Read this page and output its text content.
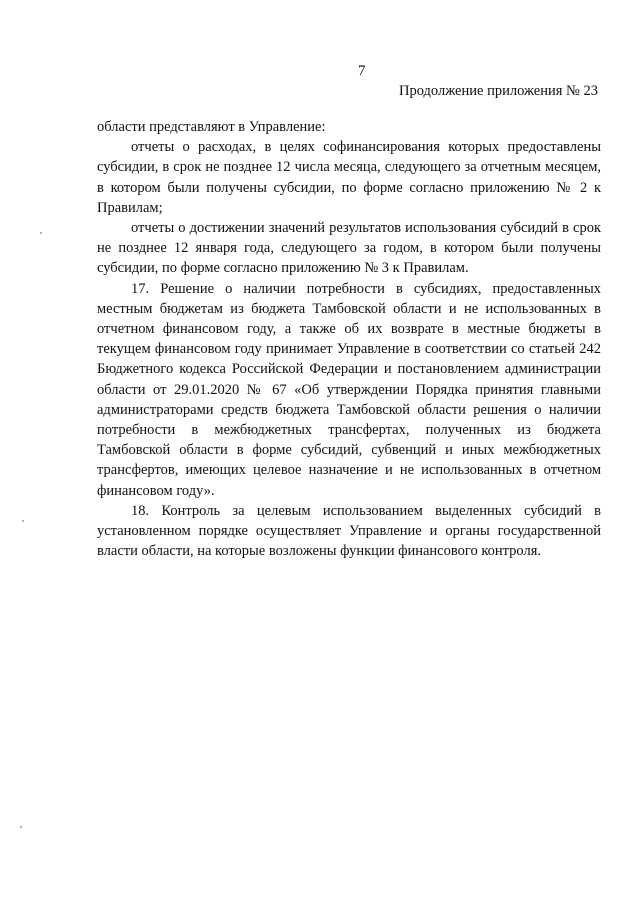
7
Продолжение приложения № 23

области представляют в Управление:

отчеты о расходах, в целях софинансирования которых предоставлены субсидии, в срок не позднее 12 числа месяца, следующего за отчетным месяцем, в котором были получены субсидии, по форме согласно приложению № 2 к Правилам;

отчеты о достижении значений результатов использования субсидий в срок не позднее 12 января года, следующего за годом, в котором были получены субсидии, по форме согласно приложению № 3 к Правилам.

17. Решение о наличии потребности в субсидиях, предоставленных местным бюджетам из бюджета Тамбовской области и не использованных в отчетном финансовом году, а также об их возврате в местные бюджеты в текущем финансовом году принимает Управление в соответствии со статьей 242 Бюджетного кодекса Российской Федерации и постановлением администрации области от 29.01.2020 № 67 «Об утверждении Порядка принятия главными администраторами средств бюджета Тамбовской области решения о наличии потребности в межбюджетных трансфертах, полученных из бюджета Тамбовской области в форме субсидий, субвенций и иных межбюджетных трансфертов, имеющих целевое назначение и не использованных в отчетном финансовом году».

18. Контроль за целевым использованием выделенных субсидий в установленном порядке осуществляет Управление и органы государственной власти области, на которые возложены функции финансового контроля.
